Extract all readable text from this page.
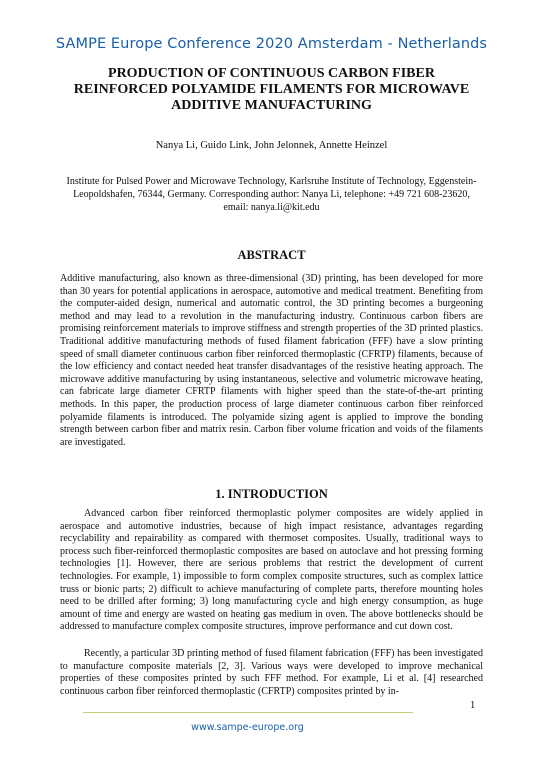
SAMPE Europe Conference 2020 Amsterdam - Netherlands
PRODUCTION OF CONTINUOUS CARBON FIBER REINFORCED POLYAMIDE FILAMENTS FOR MICROWAVE ADDITIVE MANUFACTURING
Nanya Li, Guido Link, John Jelonnek, Annette Heinzel
Institute for Pulsed Power and Microwave Technology, Karlsruhe Institute of Technology, Eggenstein-Leopoldshafen, 76344, Germany. Corresponding author: Nanya Li, telephone: +49 721 608-23620, email: nanya.li@kit.edu
ABSTRACT

Additive manufacturing, also known as three-dimensional (3D) printing, has been developed for more than 30 years for potential applications in aerospace, automotive and medical treatment. Benefiting from the computer-aided design, numerical and automatic control, the 3D printing becomes a burgeoning method and may lead to a revolution in the manufacturing industry. Continuous carbon fibers are promising reinforcement materials to improve stiffness and strength properties of the 3D printed plastics. Traditional additive manufacturing methods of fused filament fabrication (FFF) have a slow printing speed of small diameter continuous carbon fiber reinforced thermoplastic (CFRTP) filaments, because of the low efficiency and contact needed heat transfer disadvantages of the resistive heating approach. The microwave additive manufacturing by using instantaneous, selective and volumetric microwave heating, can fabricate large diameter CFRTP filaments with higher speed than the state-of-the-art printing methods. In this paper, the production process of large diameter continuous carbon fiber reinforced polyamide filaments is introduced. The polyamide sizing agent is applied to improve the bonding strength between carbon fiber and matrix resin. Carbon fiber volume frication and voids of the filaments are investigated.

1. INTRODUCTION

Advanced carbon fiber reinforced thermoplastic polymer composites are widely applied in aerospace and automotive industries, because of high impact resistance, advantages regarding recyclability and repairability as compared with thermoset composites. Usually, traditional ways to process such fiber-reinforced thermoplastic composites are based on autoclave and hot pressing forming technologies [1]. However, there are serious problems that restrict the development of current technologies. For example, 1) impossible to form complex composite structures, such as complex lattice truss or bionic parts; 2) difficult to achieve manufacturing of complete parts, therefore mounting holes need to be drilled after forming; 3) long manufacturing cycle and high energy consumption, as huge amount of time and energy are wasted on heating gas medium in oven. The above bottlenecks should be addressed to manufacture complex composite structures, improve performance and cut down cost.

Recently, a particular 3D printing method of fused filament fabrication (FFF) has been investigated to manufacture composite materials [2, 3]. Various ways were developed to improve mechanical properties of these composites printed by such FFF method. For example, Li et al. [4] researched continuous carbon fiber reinforced thermoplastic (CFRTP) composites printed by in-

1
www.sampe-europe.org
